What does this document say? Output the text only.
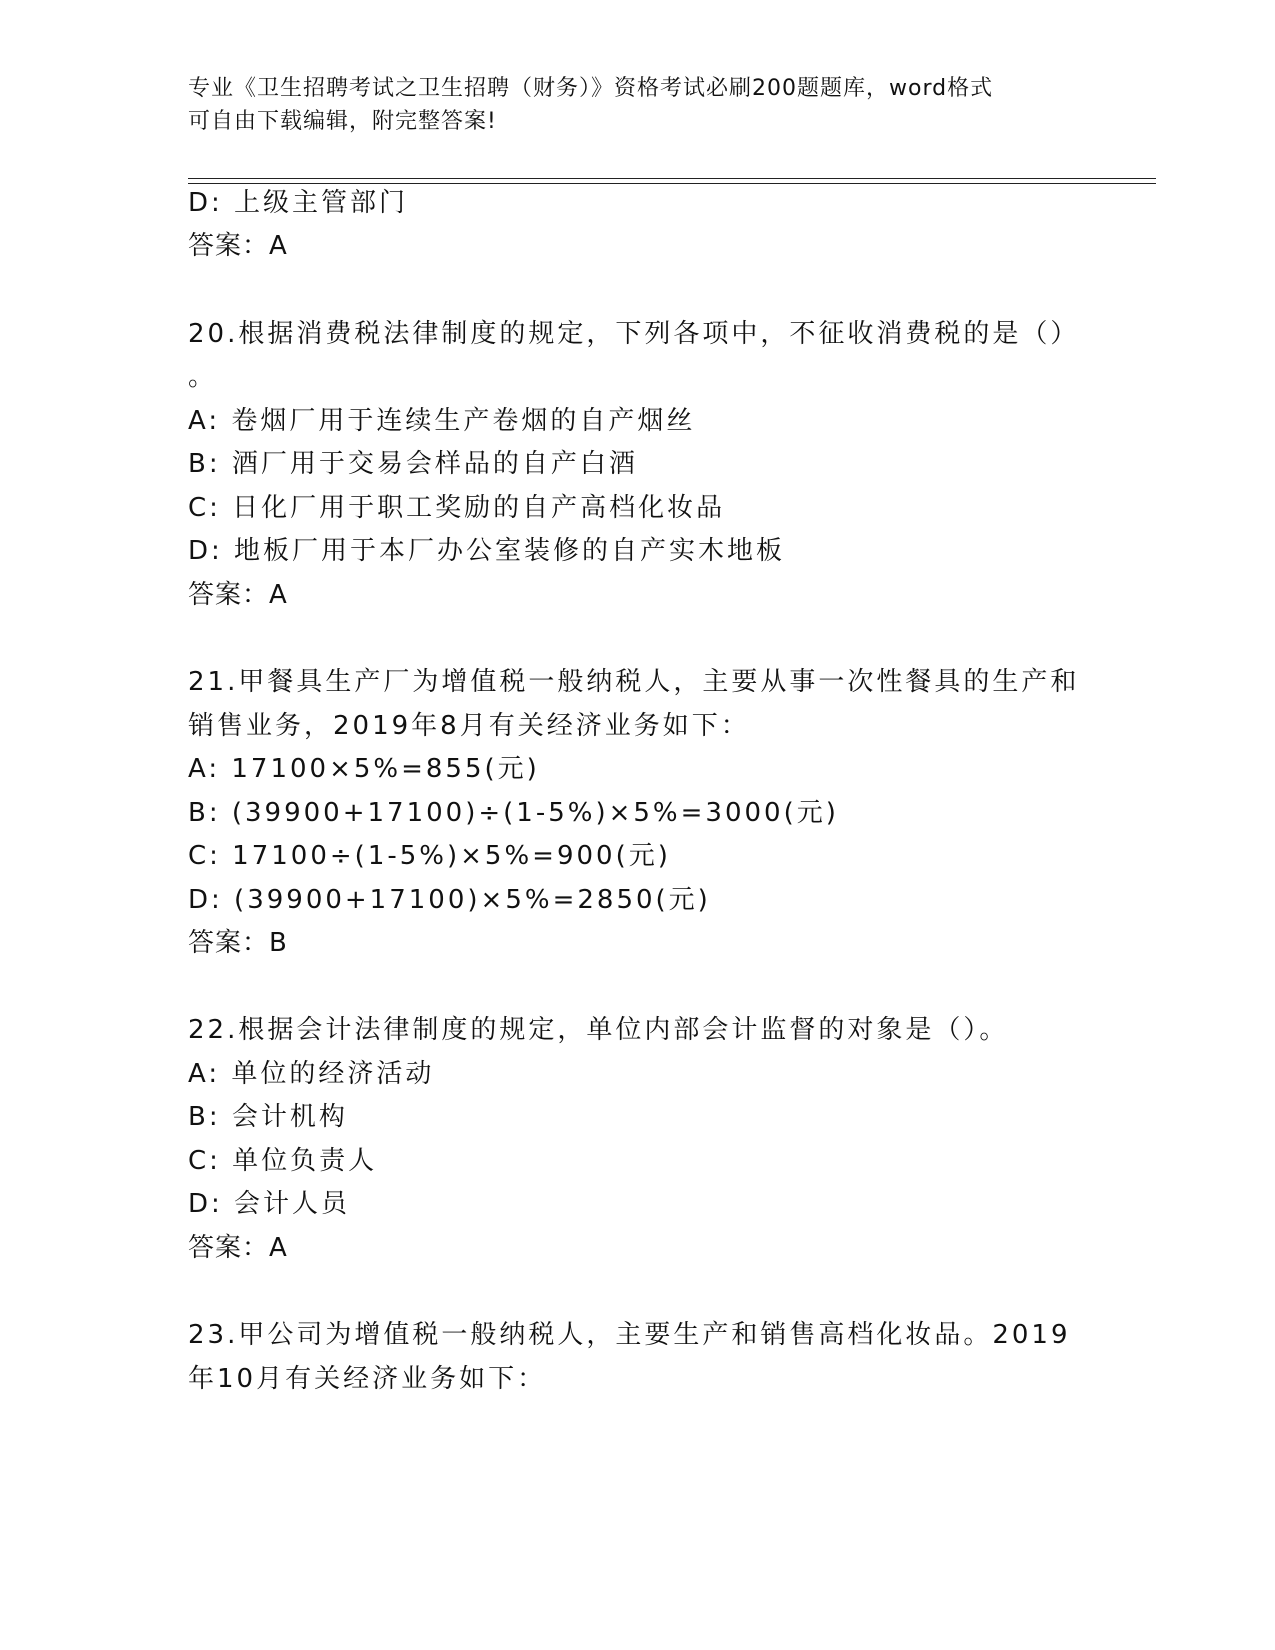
专业《卫生招聘考试之卫生招聘（财务）》资格考试必刷200题题库，word格式
可自由下载编辑，附完整答案!
D: 上级主管部门
答案：A
20.根据消费税法律制度的规定，下列各项中，不征收消费税的是（）
。
A: 卷烟厂用于连续生产卷烟的自产烟丝
B: 酒厂用于交易会样品的自产白酒
C: 日化厂用于职工奖励的自产高档化妆品
D: 地板厂用于本厂办公室装修的自产实木地板
答案：A
21.甲餐具生产厂为增值税一般纳税人，主要从事一次性餐具的生产和
销售业务，2019年8月有关经济业务如下：
A: 17100×5%=855(元)
B: (39900+17100)÷(1-5%)×5%=3000(元)
C: 17100÷(1-5%)×5%=900(元)
D: (39900+17100)×5%=2850(元)
答案：B
22.根据会计法律制度的规定，单位内部会计监督的对象是（）。
A: 单位的经济活动
B: 会计机构
C: 单位负责人
D: 会计人员
答案：A
23.甲公司为增值税一般纳税人，主要生产和销售高档化妆品。2019
年10月有关经济业务如下：
